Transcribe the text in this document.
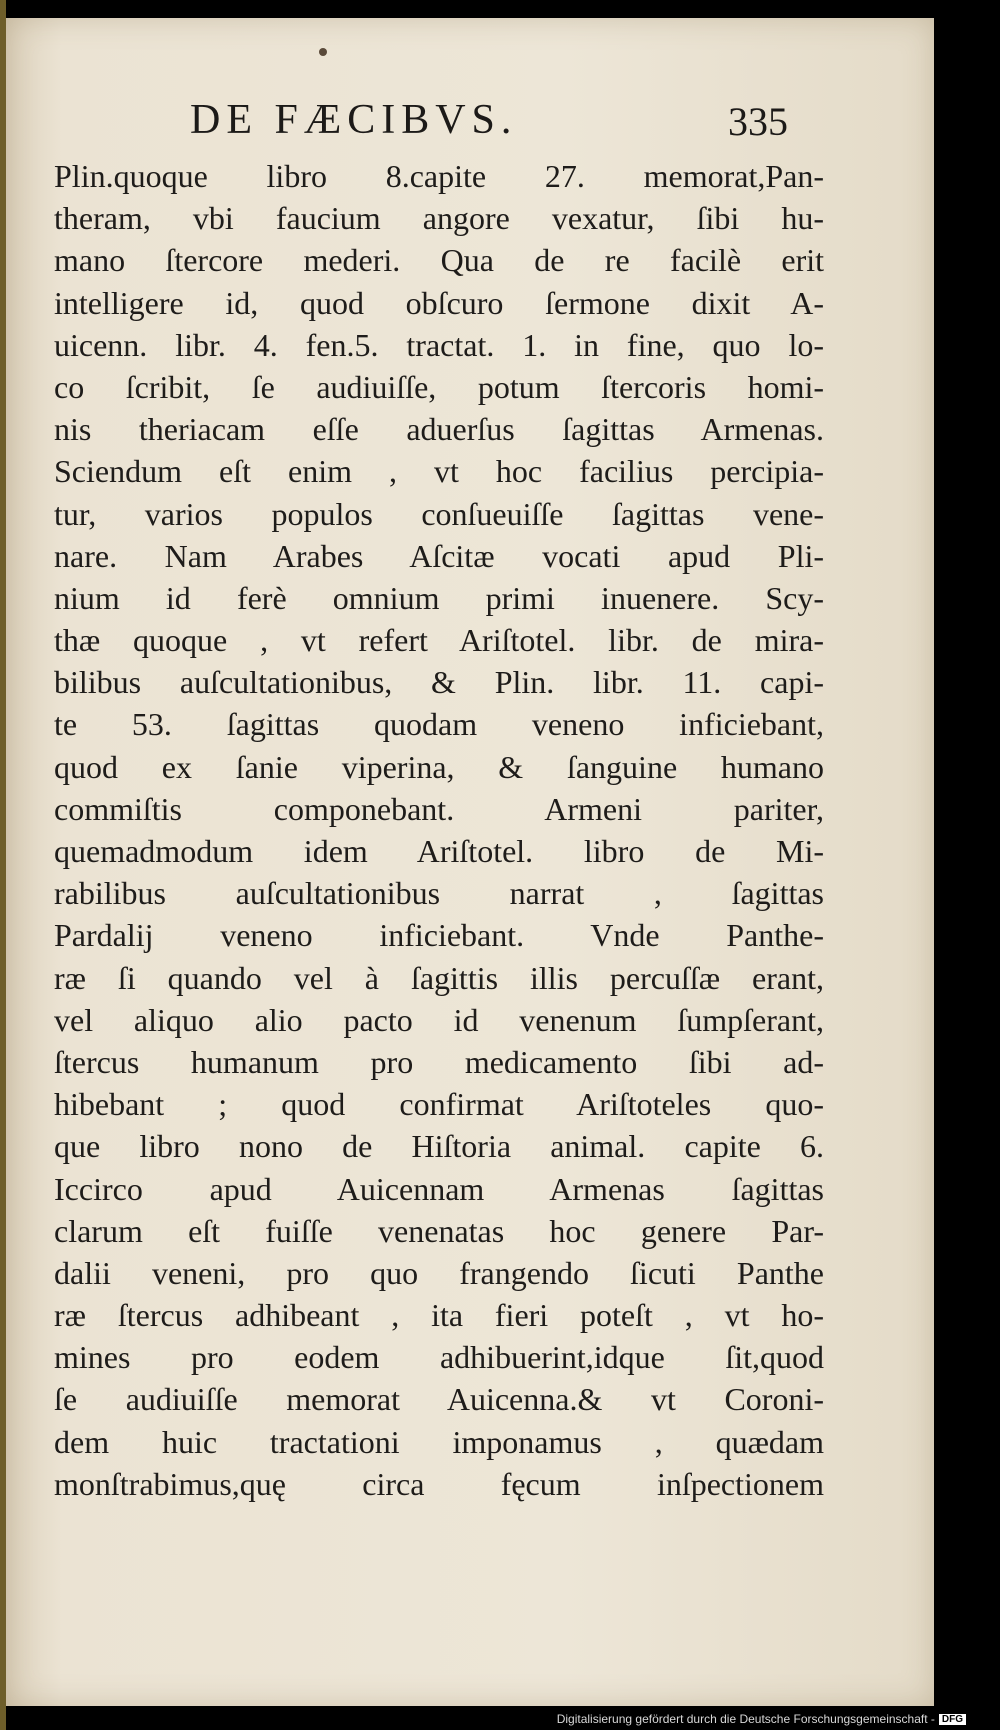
DE FÆCIBVS.	335
Plin.quoque libro 8.capite 27. memorat,Pan-
theram, vbi faucium angore vexatur, ſibi hu-
mano ſtercore mederi. Qua de re facilè erit
intelligere id, quod obſcuro ſermone dixit A-
uicenn. libr. 4. fen.5. tractat. 1. in fine, quo lo-
co ſcribit, ſe audiuiſſe, potum ſtercoris homi-
nis theriacam eſſe aduerſus ſagittas Armenas.
Sciendum eſt enim , vt hoc facilius percipia-
tur, varios populos conſueuiſſe ſagittas vene-
nare. Nam Arabes Aſcitæ vocati apud Pli-
nium id ferè omnium primi inuenere. Scy-
thæ quoque , vt refert Ariſtotel. libr. de mira-
bilibus auſcultationibus, & Plin. libr. 11. capi-
te 53. ſagittas quodam veneno inficiebant,
quod ex ſanie viperina, & ſanguine humano
commiſtis componebant. Armeni pariter,
quemadmodum idem Ariſtotel. libro de Mi-
rabilibus auſcultationibus narrat , ſagittas
Pardalij veneno inficiebant. Vnde Panthe-
ræ ſi quando vel à ſagittis illis percuſſæ erant,
vel aliquo alio pacto id venenum ſumpſerant,
ſtercus humanum pro medicamento ſibi ad-
hibebant ; quod confirmat Ariſtoteles quo-
que libro nono de Hiſtoria animal. capite 6.
Iccirco apud Auicennam Armenas ſagittas
clarum eſt fuiſſe venenatas hoc genere Par-
dalii veneni, pro quo frangendo ſicuti Panthe
ræ ſtercus adhibeant , ita fieri poteſt , vt ho-
mines pro eodem adhibuerint,idque ſit,quod
ſe audiuiſſe memorat Auicenna.& vt Coroni-
dem huic tractationi imponamus , quædam
monſtrabimus,quę circa fęcum inſpectionem
Digitalisierung gefördert durch die Deutsche Forschungsgemeinschaft - DFG
